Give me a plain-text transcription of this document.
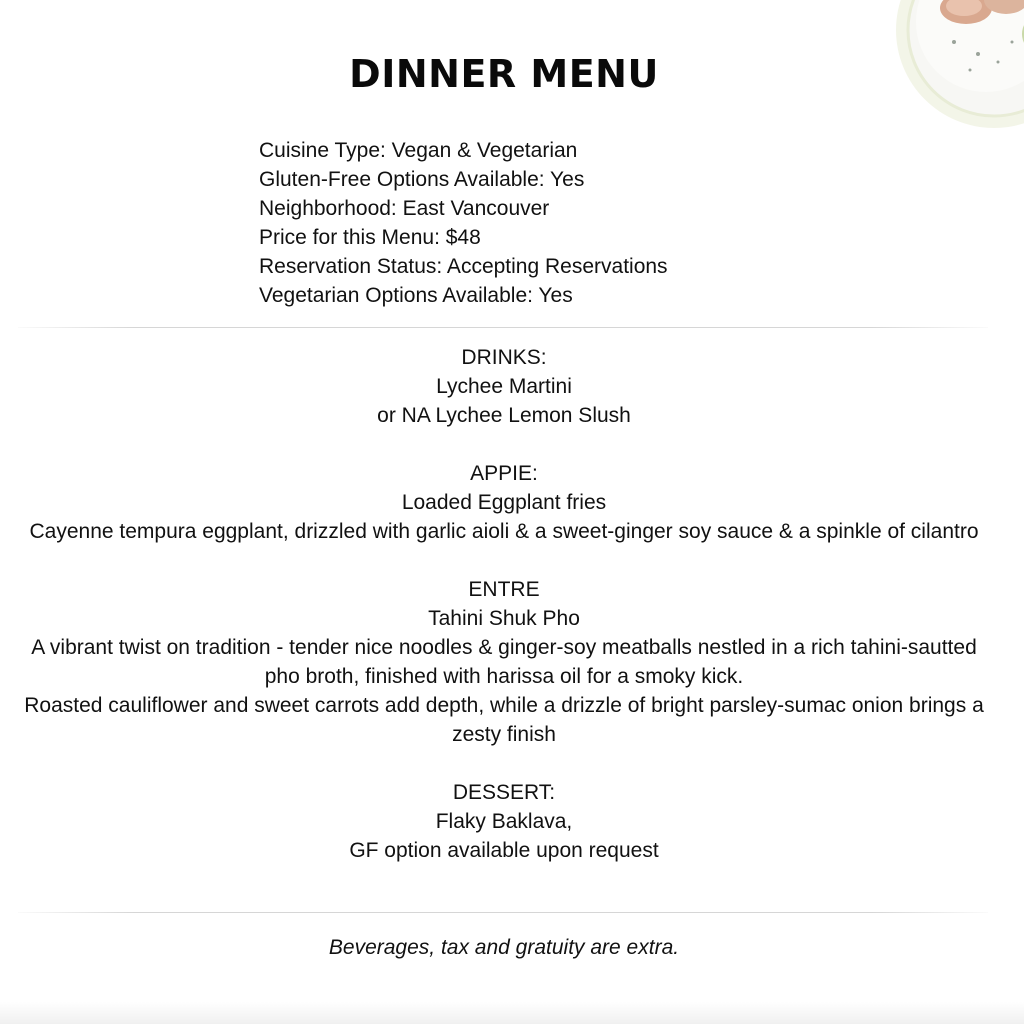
DINNER MENU
Cuisine Type: Vegan & Vegetarian
Gluten-Free Options Available: Yes
Neighborhood: East Vancouver
Price for this Menu: $48
Reservation Status: Accepting Reservations
Vegetarian Options Available: Yes
DRINKS:
Lychee Martini
or NA Lychee Lemon Slush
APPIE:
Loaded Eggplant fries
Cayenne tempura eggplant, drizzled with garlic aioli & a sweet-ginger soy sauce & a spinkle of cilantro
ENTRE
Tahini Shuk Pho
A vibrant twist on tradition - tender nice noodles & ginger-soy meatballs nestled in a rich tahini-sautted pho broth, finished with harissa oil for a smoky kick.
Roasted cauliflower and sweet carrots add depth, while a drizzle of bright parsley-sumac onion brings a zesty finish
DESSERT:
Flaky Baklava,
GF option available upon request
Beverages, tax and gratuity are extra.
